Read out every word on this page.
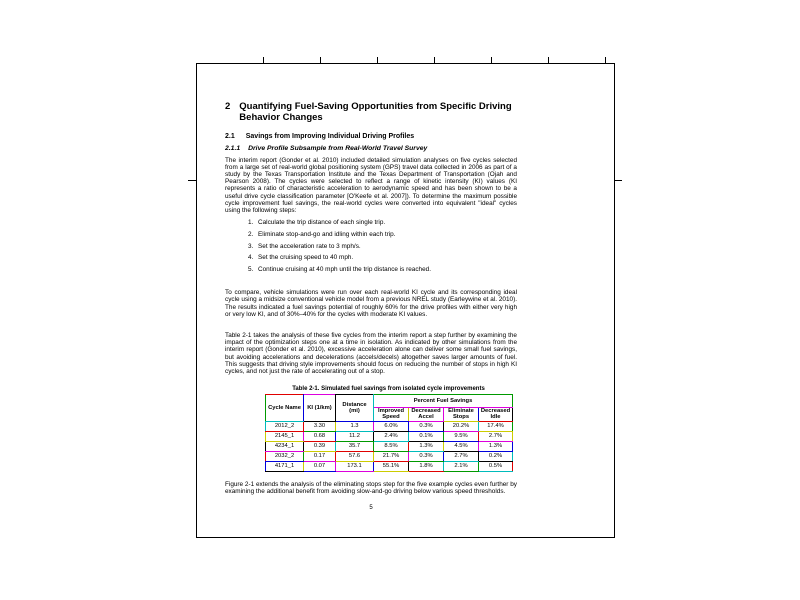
2 Quantifying Fuel-Saving Opportunities from Specific Driving Behavior Changes
2.1 Savings from Improving Individual Driving Profiles
2.1.1 Drive Profile Subsample from Real-World Travel Survey
The interim report (Gonder et al. 2010) included detailed simulation analyses on five cycles selected from a large set of real-world global positioning system (GPS) travel data collected in 2006 as part of a study by the Texas Transportation Institute and the Texas Department of Transportation (Ojah and Pearson 2008). The cycles were selected to reflect a range of kinetic intensity (KI) values (KI represents a ratio of characteristic acceleration to aerodynamic speed and has been shown to be a useful drive cycle classification parameter [O'Keefe et al. 2007]). To determine the maximum possible cycle improvement fuel savings, the real-world cycles were converted into equivalent "ideal" cycles using the following steps:
1. Calculate the trip distance of each single trip.
2. Eliminate stop-and-go and idling within each trip.
3. Set the acceleration rate to 3 mph/s.
4. Set the cruising speed to 40 mph.
5. Continue cruising at 40 mph until the trip distance is reached.
To compare, vehicle simulations were run over each real-world KI cycle and its corresponding ideal cycle using a midsize conventional vehicle model from a previous NREL study (Earleywine et al. 2010). The results indicated a fuel savings potential of roughly 60% for the drive profiles with either very high or very low KI, and of 30%–40% for the cycles with moderate KI values.
Table 2-1 takes the analysis of these five cycles from the interim report a step further by examining the impact of the optimization steps one at a time in isolation. As indicated by other simulations from the interim report (Gonder et al. 2010), excessive acceleration alone can deliver some small fuel savings, but avoiding accelerations and decelerations (accels/decels) altogether saves larger amounts of fuel. This suggests that driving style improvements should focus on reducing the number of stops in high KI cycles, and not just the rate of accelerating out of a stop.
Table 2-1. Simulated fuel savings from isolated cycle improvements
Cycle Name	KI (1/km)	Distance (mi)	Percent Fuel Savings			
			Improved Speed	Decreased Accel	Eliminate Stops	Decreased Idle
2012_2	3.30	1.3	6.0%	0.3%	20.2%	17.4%
2145_1	0.68	11.2	2.4%	0.1%	9.5%	2.7%
4234_1	0.39	35.7	8.5%	1.3%	4.5%	1.3%
2032_2	0.17	57.6	21.7%	0.3%	2.7%	0.2%
4171_1	0.07	173.1	55.1%	1.8%	2.1%	0.5%
Figure 2-1 extends the analysis of the eliminating stops step for the five example cycles even further by examining the additional benefit from avoiding slow-and-go driving below various speed thresholds.
5
